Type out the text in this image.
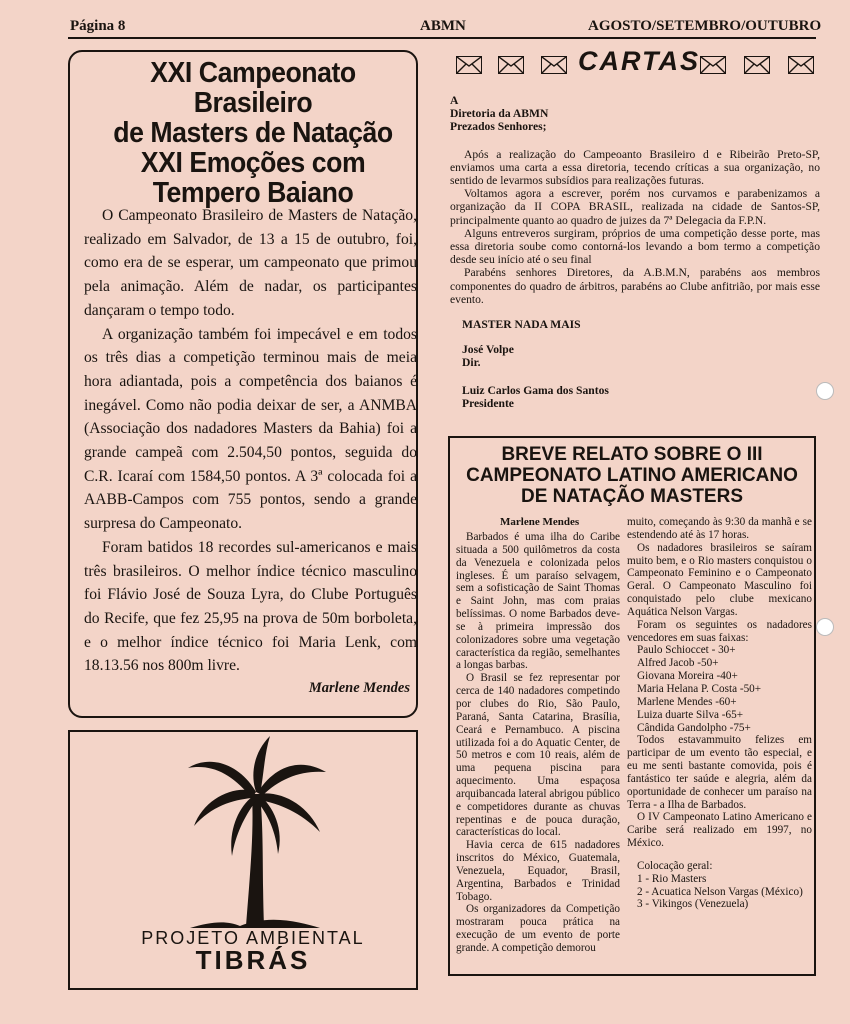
Página 8	ABMN	AGOSTO/SETEMBRO/OUTUBRO
XXI Campeonato Brasileiro
de Masters de Natação
XXI Emoções com
Tempero Baiano

O Campeonato Brasileiro de Masters de Natação, realizado em Salvador, de 13 a 15 de outubro, foi, como era de se esperar, um campeonato que primou pela animação. Além de nadar, os participantes dançaram o tempo todo.

A organização também foi impecável e em todos os três dias a competição terminou mais de meia hora adiantada, pois a competência dos baianos é inegável. Como não podia deixar de ser, a ANMBA (Associação dos nadadores Masters da Bahia) foi a grande campeã com 2.504,50 pontos, seguida do C.R. Icaraí com 1584,50 pontos. A 3ª colocada foi a AABB-Campos com 755 pontos, sendo a grande surpresa do Campeonato.

Foram batidos 18 recordes sul-americanos e mais três brasileiros. O melhor índice técnico masculino foi Flávio José de Souza Lyra, do Clube Português do Recife, que fez 25,95 na prova de 50m borboleta, e o melhor índice técnico foi Maria Lenk, com 18.13.56 nos 800m livre.

Marlene Mendes
PROJETO AMBIENTAL
TIBRÁS
CARTAS
A
Diretoria da ABMN
Prezados Senhores;

Após a realização do Campeoanto Brasileiro d e Ribeirão Preto-SP, enviamos uma carta a essa diretoria, tecendo críticas a sua organização, no sentido de levarmos subsídios para realizações futuras.

Voltamos agora a escrever, porém nos curvamos e parabenizamos a organização da II COPA BRASIL, realizada na cidade de Santos-SP, principalmente quanto ao quadro de juizes da 7ª Delegacia da F.P.N.

Alguns entreveros surgiram, próprios de uma competição desse porte, mas essa diretoria soube como contorná-los levando a bom termo a competição desde seu início até o seu final

Parabéns senhores Diretores, da A.B.M.N, parabéns aos membros componentes do quadro de árbitros, parabéns ao Clube anfitrião, por mais esse evento.

MASTER NADA MAIS
José Volpe
Dir.
Luiz Carlos Gama dos Santos
Presidente
BREVE RELATO SOBRE O III
CAMPEONATO LATINO AMERICANO
DE NATAÇÃO MASTERS
Marlene Mendes

Barbados é uma ilha do Caribe situada a 500 quilômetros da costa da Venezuela e colonizada pelos ingleses. É um paraíso selvagem, sem a sofisticação de Saint Thomas e Saint John, mas com praias belíssimas. O nome Barbados deve-se à primeira impressão dos colonizadores sobre uma vegetação característica da região, semelhantes a longas barbas.

O Brasil se fez representar por cerca de 140 nadadores competindo por clubes do Rio, São Paulo, Paraná, Santa Catarina, Brasília, Ceará e Pernambuco. A piscina utilizada foi a do Aquatic Center, de 50 metros e com 10 reais, além de uma pequena piscina para aquecimento. Uma espaçosa arquibancada lateral abrigou público e competidores durante as chuvas repentinas e de pouca duração, características do local.

Havia cerca de 615 nadadores inscritos do México, Guatemala, Venezuela, Equador, Brasil, Argentina, Barbados e Trinidad Tobago.

Os organizadores da Competição mostraram pouca prática na execução de um evento de porte grande. A competição demorou

muito, começando às 9:30 da manhã e se estendendo até às 17 horas.

Os nadadores brasileiros se saíram muito bem, e o Rio masters conquistou o Campeonato Feminino e o Campeonato Geral. O Campeonato Masculino foi conquistado pelo clube mexicano Aquática Nelson Vargas.

Foram os seguintes os nadadores vencedores em suas faixas:

Paulo Schioccet - 30+
Alfred Jacob -50+
Giovana Moreira -40+
Maria Helana P. Costa -50+
Marlene Mendes -60+
Luiza duarte Silva -65+
Cândida Gandolpho -75+

Todos estavammuito felizes em participar de um evento tão especial, e eu me senti bastante comovida, pois é fantástico ter saúde e alegria, além da oportunidade de conhecer um paraíso na Terra - a Ilha de Barbados.

O IV Campeonato Latino Americano e Caribe será realizado em 1997, no México.

Colocação geral:
1 - Rio Masters
2 - Acuatica Nelson Vargas (México)
3 - Vikingos (Venezuela)
